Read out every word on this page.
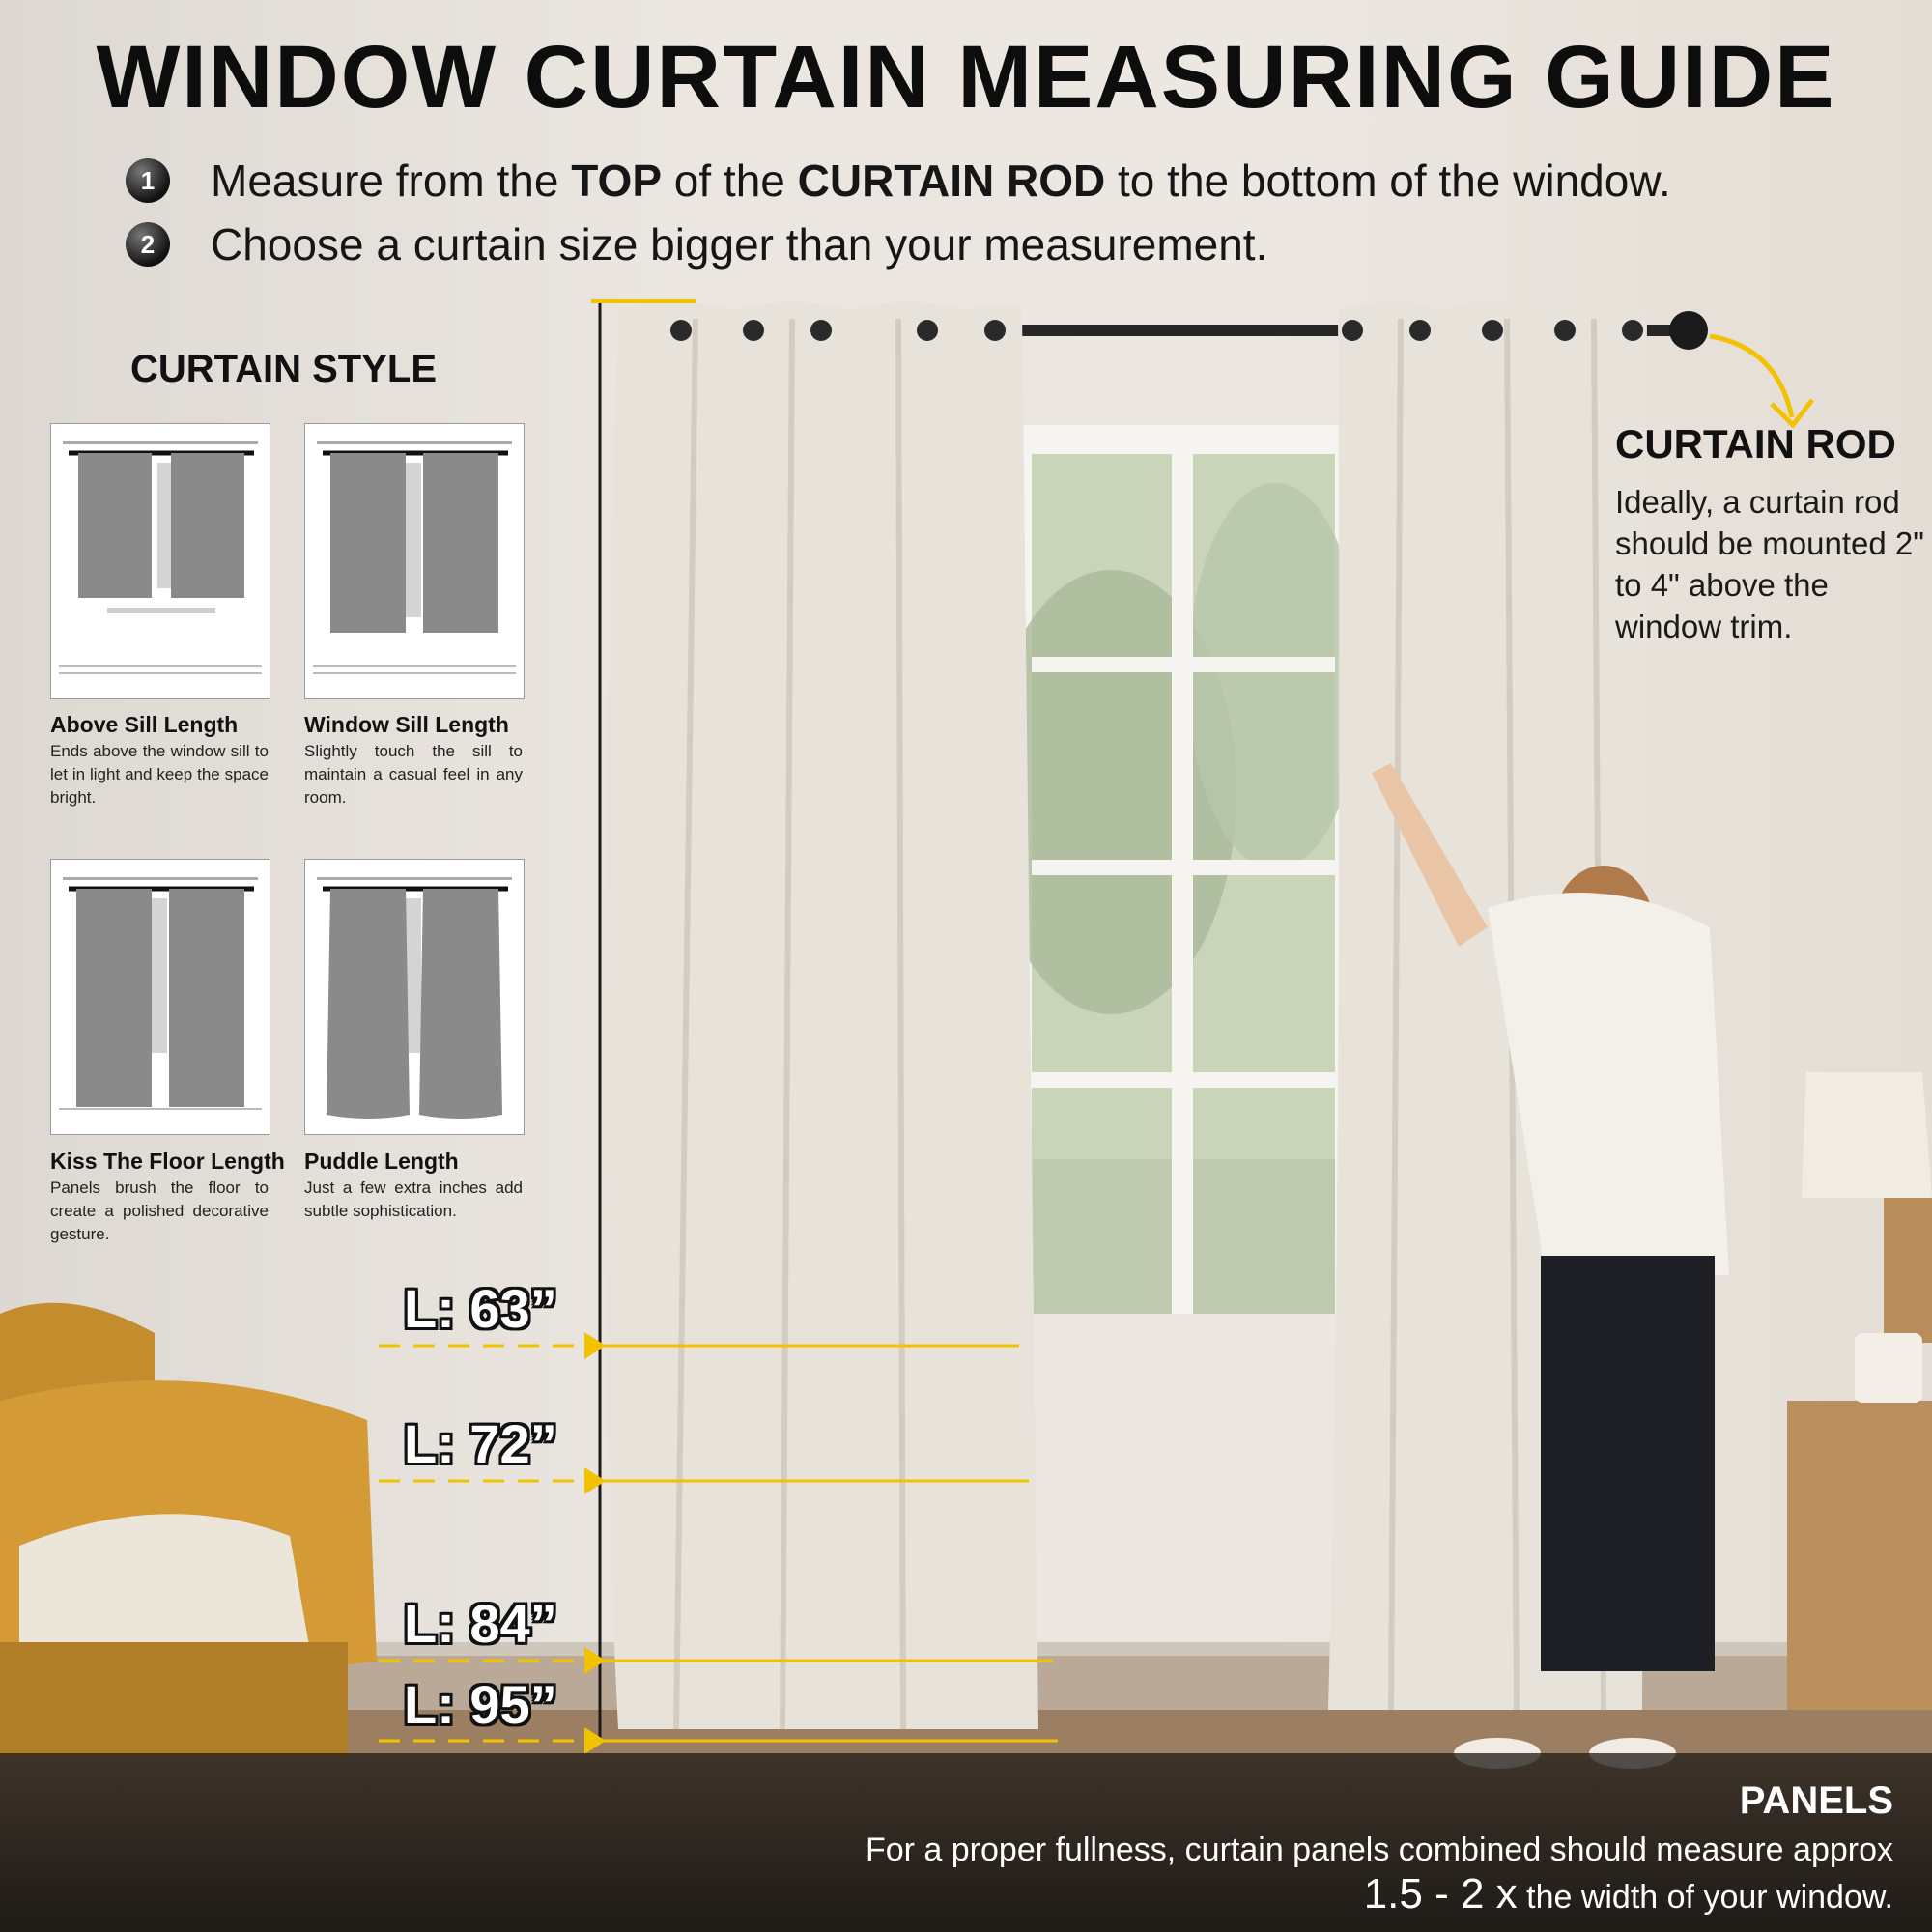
WINDOW CURTAIN MEASURING GUIDE
1	Measure from the TOP of the CURTAIN ROD to the bottom of the window.
2	Choose a curtain size bigger than your measurement.
CURTAIN STYLE
Above Sill Length
Ends above the window sill to let in light and keep the space bright.
Window Sill Length
Slightly touch the sill to maintain a casual feel in any room.
Kiss The Floor Length
Panels brush the floor to create a polished decorative gesture.
Puddle Length
Just a few extra inches add subtle sophistication.
CURTAIN ROD
Ideally, a curtain rod should be mounted 2" to 4" above the window trim.
L: 63”
L: 72”
L: 84”
L: 95”
PANELS
For a proper fullness, curtain panels combined should measure approx
1.5 - 2 x the width of your window.
